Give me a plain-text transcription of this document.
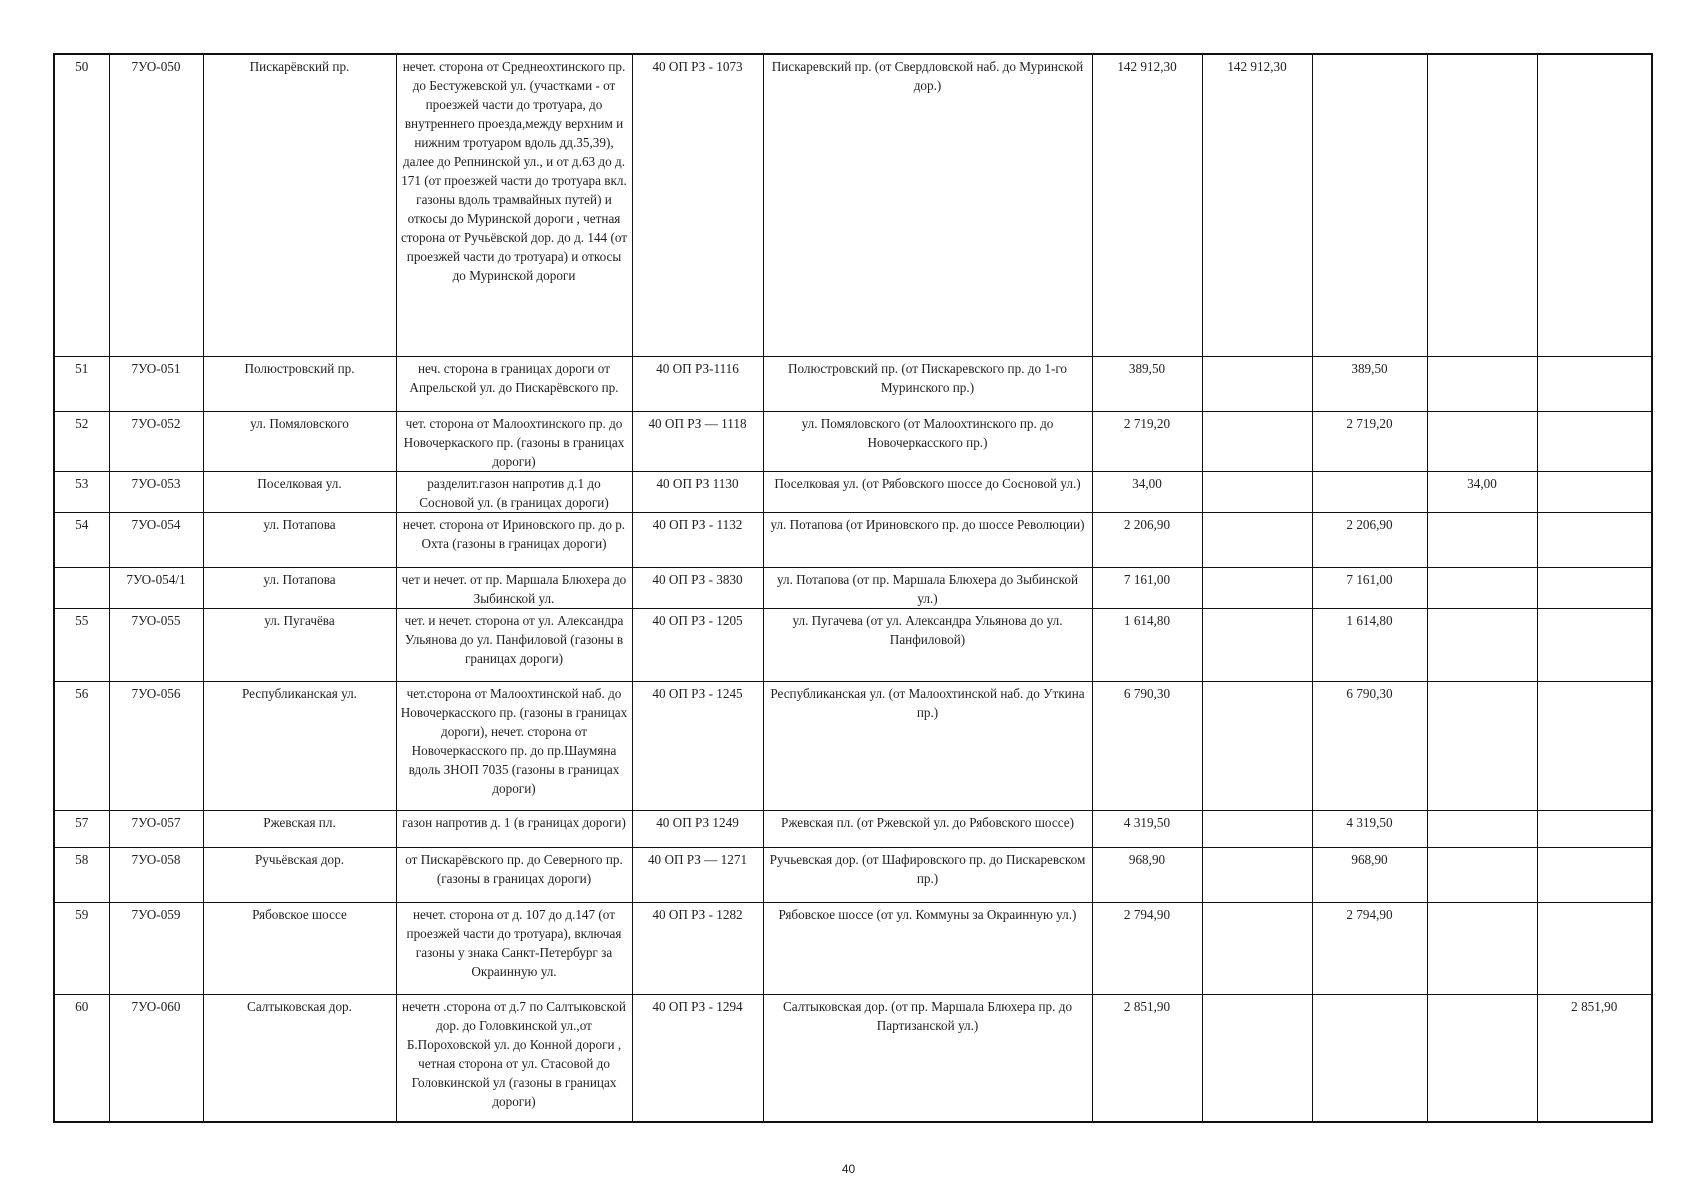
50	7УО-050	Пискарёвский пр.	нечет. сторона от Среднеохтинского пр. до Бестужевской ул. (участками - от проезжей части до тротуара, до внутреннего проезда,между верхним и нижним тротуаром вдоль дд.35,39), далее до Репнинской ул., и от д.63 до д. 171 (от проезжей части до тротуара вкл. газоны вдоль трамвайных путей) и откосы до Муринской дороги , четная сторона от Ручьёвской дор. до д. 144 (от проезжей части до тротуара) и откосы до Муринской дороги	40 ОП РЗ - 1073	Пискаревский пр. (от Свердловской наб. до Муринской дор.)	142 912,30	142 912,30			
51	7УО-051	Полюстровский пр.	неч. сторона в границах дороги от Апрельской ул. до Пискарёвского пр.	40 ОП РЗ-1116	Полюстровский пр. (от Пискаревского пр. до 1-го Муринского пр.)	389,50		389,50		
52	7УО-052	ул. Помяловского	чет. сторона от Малоохтинского пр. до Новочеркаского пр. (газоны в границах дороги)	40 ОП РЗ — 1118	ул. Помяловского (от Малоохтинского пр. до Новочеркасского пр.)	2 719,20		2 719,20		
53	7УО-053	Поселковая ул.	разделит.газон напротив д.1 до Сосновой ул. (в границах дороги)	40 ОП РЗ 1130	Поселковая ул. (от Рябовского шоссе до Сосновой ул.)	34,00			34,00	
54	7УО-054	ул. Потапова	нечет. сторона от Ириновского пр. до р. Охта (газоны в границах дороги)	40 ОП РЗ - 1132	ул. Потапова (от Ириновского пр. до шоссе Революции)	2 206,90		2 206,90		
	7УО-054/1	ул. Потапова	чет и нечет. от пр. Маршала Блюхера до Зыбинской ул.	40 ОП РЗ - 3830	ул. Потапова (от пр. Маршала Блюхера до Зыбинской ул.)	7 161,00		7 161,00		
55	7УО-055	ул. Пугачёва	чет. и нечет. сторона от ул. Александра Ульянова до ул. Панфиловой (газоны в границах дороги)	40 ОП РЗ - 1205	ул. Пугачева (от ул. Александра Ульянова до ул. Панфиловой)	1 614,80		1 614,80		
56	7УО-056	Республиканская ул.	чет.сторона от Малоохтинской наб. до Новочеркасского пр. (газоны в границах дороги), нечет. сторона от Новочеркасского пр. до пр.Шаумяна вдоль ЗНОП 7035 (газоны в границах дороги)	40 ОП РЗ - 1245	Республиканская ул. (от Малоохтинской наб. до Уткина пр.)	6 790,30		6 790,30		
57	7УО-057	Ржевская пл.	газон напротив д. 1 (в границах дороги)	40 ОП РЗ 1249	Ржевская пл. (от Ржевской ул. до Рябовского шоссе)	4 319,50		4 319,50		
58	7УО-058	Ручьёвская дор.	от Пискарёвского пр. до Северного пр. (газоны в границах дороги)	40 ОП РЗ — 1271	Ручьевская дор. (от Шафировского пр. до Пискаревском пр.)	968,90		968,90		
59	7УО-059	Рябовское шоссе	нечет. сторона от д. 107 до д.147 (от проезжей части до тротуара), включая газоны у знака Санкт-Петербург за Окраинную ул.	40 ОП РЗ - 1282	Рябовское шоссе (от ул. Коммуны за Окраинную ул.)	2 794,90		2 794,90		
60	7УО-060	Салтыковская дор.	нечетн .сторона от д.7 по Салтыковской дор. до Головкинской ул.,от Б.Пороховской ул. до Конной дороги , четная сторона от ул. Стасовой до Головкинской ул (газоны в границах дороги)	40 ОП РЗ - 1294	Салтыковская дор. (от пр. Маршала Блюхера пр. до Партизанской ул.)	2 851,90				2 851,90
40
